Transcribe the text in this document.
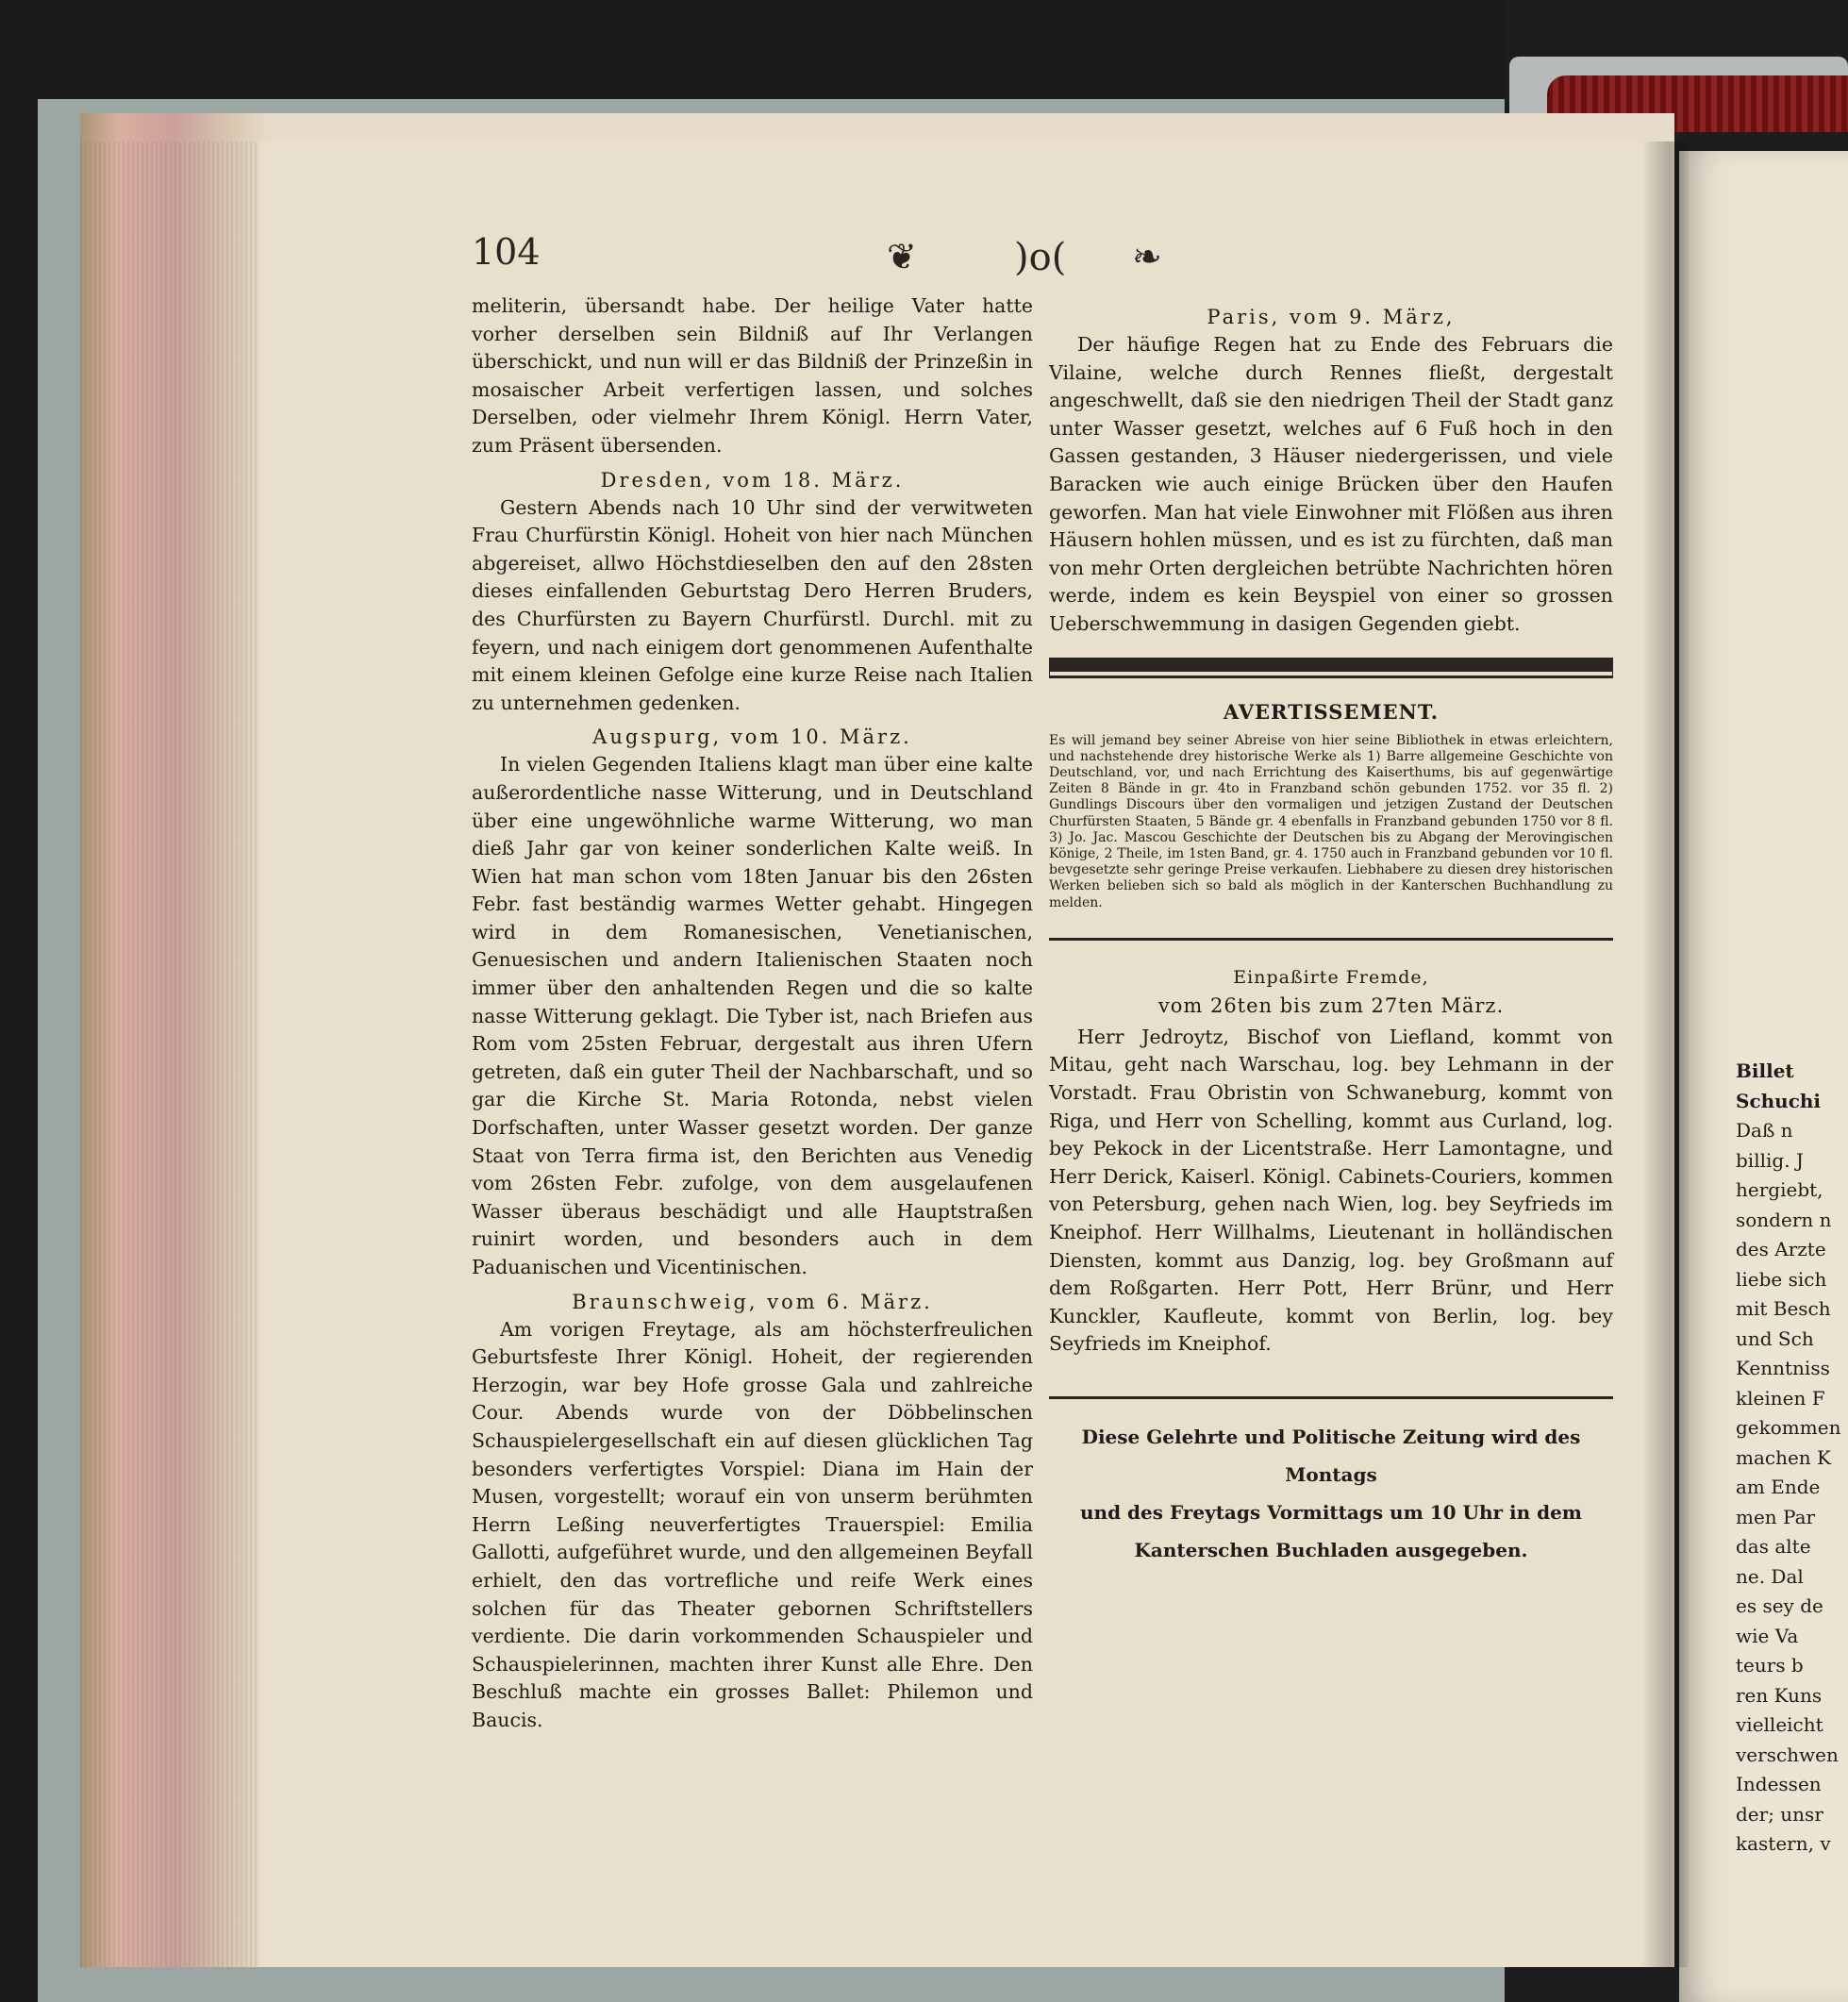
Billet
Schuchi
Daß n
billig. J
hergiebt,
sondern n
des Arzte
liebe sich
mit Besch
und Sch
Kenntniss
kleinen F
gekommen
machen K
am Ende
men Par
das alte
ne. Dal
es sey de
wie Va
teurs b
ren Kuns
vielleicht
verschwen
Indessen
der; unsr
kastern, v
104	❦	)o( ❧

meliterin, übersandt habe. Der heilige Vater hatte vorher derselben sein Bildniß auf Ihr Verlangen überschickt, und nun will er das Bildniß der Prinzeßin in mosaischer Arbeit verfertigen lassen, und solches Derselben, oder vielmehr Ihrem Königl. Herrn Vater, zum Präsent übersenden.

Dresden, vom 18. März.

Gestern Abends nach 10 Uhr sind der verwitweten Frau Churfürstin Königl. Hoheit von hier nach München abgereiset, allwo Höchstdieselben den auf den 28sten dieses einfallenden Geburtstag Dero Herren Bruders, des Churfürsten zu Bayern Churfürstl. Durchl. mit zu feyern, und nach einigem dort genommenen Aufenthalte mit einem kleinen Gefolge eine kurze Reise nach Italien zu unternehmen gedenken.

Augspurg, vom 10. März.

In vielen Gegenden Italiens klagt man über eine kalte außerordentliche nasse Witterung, und in Deutschland über eine ungewöhnliche warme Witterung, wo man dieß Jahr gar von keiner sonderlichen Kalte weiß. In Wien hat man schon vom 18ten Januar bis den 26sten Febr. fast beständig warmes Wetter gehabt. Hingegen wird in dem Romanesischen, Venetianischen, Genuesischen und andern Italienischen Staaten noch immer über den anhaltenden Regen und die so kalte nasse Witterung geklagt. Die Tyber ist, nach Briefen aus Rom vom 25sten Februar, dergestalt aus ihren Ufern getreten, daß ein guter Theil der Nachbarschaft, und so gar die Kirche St. Maria Rotonda, nebst vielen Dorfschaften, unter Wasser gesetzt worden. Der ganze Staat von Terra firma ist, den Berichten aus Venedig vom 26sten Febr. zufolge, von dem ausgelaufenen Wasser überaus beschädigt und alle Hauptstraßen ruinirt worden, und besonders auch in dem Paduanischen und Vicentinischen.

Braunschweig, vom 6. März.

Am vorigen Freytage, als am höchsterfreulichen Geburtsfeste Ihrer Königl. Hoheit, der regierenden Herzogin, war bey Hofe grosse Gala und zahlreiche Cour. Abends wurde von der Döbbelinschen Schauspielergesellschaft ein auf diesen glücklichen Tag besonders verfertigtes Vorspiel: Diana im Hain der Musen, vorgestellt; worauf ein von unserm berühmten Herrn Leßing neuverfertigtes Trauerspiel: Emilia Gallotti, aufgeführet wurde, und den allgemeinen Beyfall erhielt, den das vortrefliche und reife Werk eines solchen für das Theater gebornen Schriftstellers verdiente. Die darin vorkommenden Schauspieler und Schauspielerinnen, machten ihrer Kunst alle Ehre. Den Beschluß machte ein grosses Ballet: Philemon und Baucis.

Paris, vom 9. März,

Der häufige Regen hat zu Ende des Februars die Vilaine, welche durch Rennes fließt, dergestalt angeschwellt, daß sie den niedrigen Theil der Stadt ganz unter Wasser gesetzt, welches auf 6 Fuß hoch in den Gassen gestanden, 3 Häuser niedergerissen, und viele Baracken wie auch einige Brücken über den Haufen geworfen. Man hat viele Einwohner mit Flößen aus ihren Häusern hohlen müssen, und es ist zu fürchten, daß man von mehr Orten dergleichen betrübte Nachrichten hören werde, indem es kein Beyspiel von einer so grossen Ueberschwemmung in dasigen Gegenden giebt.

AVERTISSEMENT.

Es will jemand bey seiner Abreise von hier seine Bibliothek in etwas erleichtern, und nachstehende drey historische Werke als 1) Barre allgemeine Geschichte von Deutschland, vor, und nach Errichtung des Kaiserthums, bis auf gegenwärtige Zeiten 8 Bände in gr. 4to in Franzband schön gebunden 1752. vor 35 fl. 2) Gundlings Discours über den vormaligen und jetzigen Zustand der Deutschen Churfürsten Staaten, 5 Bände gr. 4 ebenfalls in Franzband gebunden 1750 vor 8 fl. 3) Jo. Jac. Mascou Geschichte der Deutschen bis zu Abgang der Merovingischen Könige, 2 Theile, im 1sten Band, gr. 4. 1750 auch in Franzband gebunden vor 10 fl. bevgesetzte sehr geringe Preise verkaufen. Liebhabere zu diesen drey historischen Werken belieben sich so bald als möglich in der Kanterschen Buchhandlung zu melden.

Einpaßirte Fremde,

vom 26ten bis zum 27ten März.

Herr Jedroytz, Bischof von Liefland, kommt von Mitau, geht nach Warschau, log. bey Lehmann in der Vorstadt. Frau Obristin von Schwaneburg, kommt von Riga, und Herr von Schelling, kommt aus Curland, log. bey Pekock in der Licentstraße. Herr Lamontagne, und Herr Derick, Kaiserl. Königl. Cabinets-Couriers, kommen von Petersburg, gehen nach Wien, log. bey Seyfrieds im Kneiphof. Herr Willhalms, Lieutenant in holländischen Diensten, kommt aus Danzig, log. bey Großmann auf dem Roßgarten. Herr Pott, Herr Brünr, und Herr Kunckler, Kaufleute, kommt von Berlin, log. bey Seyfrieds im Kneiphof.

Diese Gelehrte und Politische Zeitung wird des Montags

und des Freytags Vormittags um 10 Uhr in dem

Kanterschen Buchladen ausgegeben.
